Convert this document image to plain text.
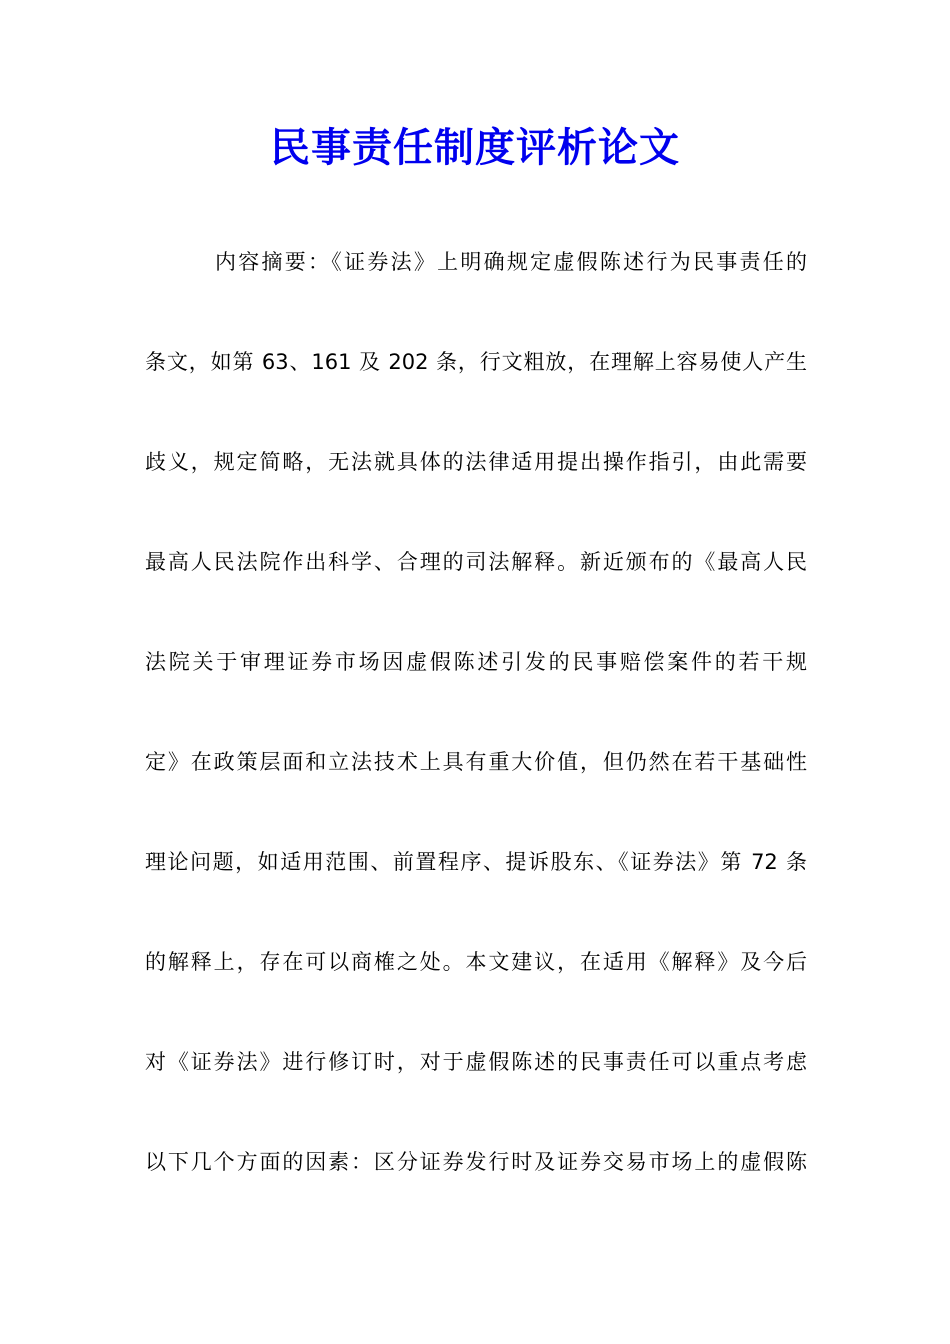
民事责任制度评析论文
内容摘要：《证券法》上明确规定虚假陈述行为民事责任的
条文，如第 63、161 及 202 条，行文粗放，在理解上容易使人产生
歧义，规定简略，无法就具体的法律适用提出操作指引，由此需要
最高人民法院作出科学、合理的司法解释。新近颁布的《最高人民
法院关于审理证券市场因虚假陈述引发的民事赔偿案件的若干规
定》在政策层面和立法技术上具有重大价值，但仍然在若干基础性
理论问题，如适用范围、前置程序、提诉股东、《证券法》第 72 条
的解释上，存在可以商榷之处。本文建议，在适用《解释》及今后
对《证券法》进行修订时，对于虚假陈述的民事责任可以重点考虑
以下几个方面的因素：区分证券发行时及证券交易市场上的虚假陈
